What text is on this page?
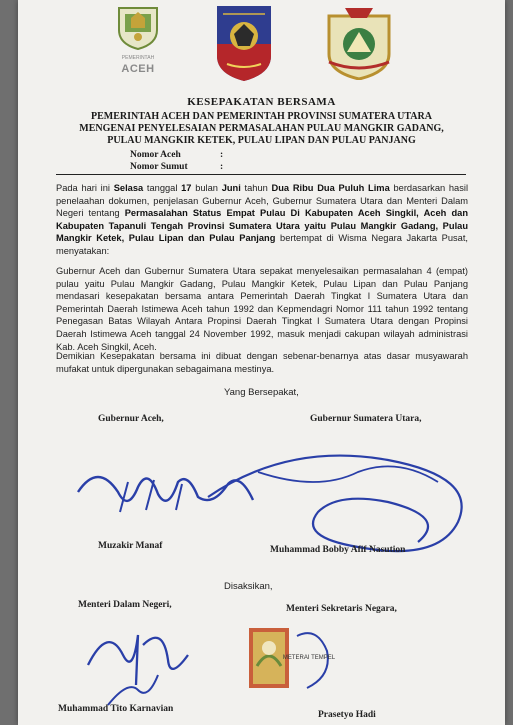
PEMERINTAH
ACEH
KESEPAKATAN BERSAMA
PEMERINTAH ACEH DAN PEMERINTAH PROVINSI SUMATERA UTARA
MENGENAI PENYELESAIAN PERMASALAHAN PULAU MANGKIR GADANG,
PULAU MANGKIR KETEK, PULAU LIPAN DAN PULAU PANJANG
Nomor Aceh	:
Nomor Sumut	:
Pada hari ini Selasa tanggal 17 bulan Juni tahun Dua Ribu Dua Puluh Lima berdasarkan hasil penelaahan dokumen, penjelasan Gubernur Aceh, Gubernur Sumatera Utara dan Menteri Dalam Negeri tentang Permasalahan Status Empat Pulau Di Kabupaten Aceh Singkil, Aceh dan Kabupaten Tapanuli Tengah Provinsi Sumatera Utara yaitu Pulau Mangkir Gadang, Pulau Mangkir Ketek, Pulau Lipan dan Pulau Panjang bertempat di Wisma Negara Jakarta Pusat, menyatakan:
Gubernur Aceh dan Gubernur Sumatera Utara sepakat menyelesaikan permasalahan 4 (empat) pulau yaitu Pulau Mangkir Gadang, Pulau Mangkir Ketek, Pulau Lipan dan Pulau Panjang mendasari kesepakatan bersama antara Pemerintah Daerah Tingkat I Sumatera Utara dan Pemerintah Daerah Istimewa Aceh tahun 1992 dan Kepmendagri Nomor 111 tahun 1992 tentang Penegasan Batas Wilayah Antara Propinsi Daerah Tingkat I Sumatera Utara dengan Propinsi Daerah Istimewa Aceh tanggal 24 November 1992, masuk menjadi cakupan wilayah administrasi Kab. Aceh Singkil, Aceh.
Demikian Kesepakatan bersama ini dibuat dengan sebenar-benarnya atas dasar musyawarah mufakat untuk dipergunakan sebagaimana mestinya.
Yang Bersepakat,
Gubernur Aceh,	Gubernur Sumatera Utara,
Muzakir Manaf	Muhammad Bobby Afif Nasution
Disaksikan,
Menteri Dalam Negeri,	Menteri Sekretaris Negara,
METERAI TEMPEL
Muhammad Tito Karnavian
Prasetyo Hadi
